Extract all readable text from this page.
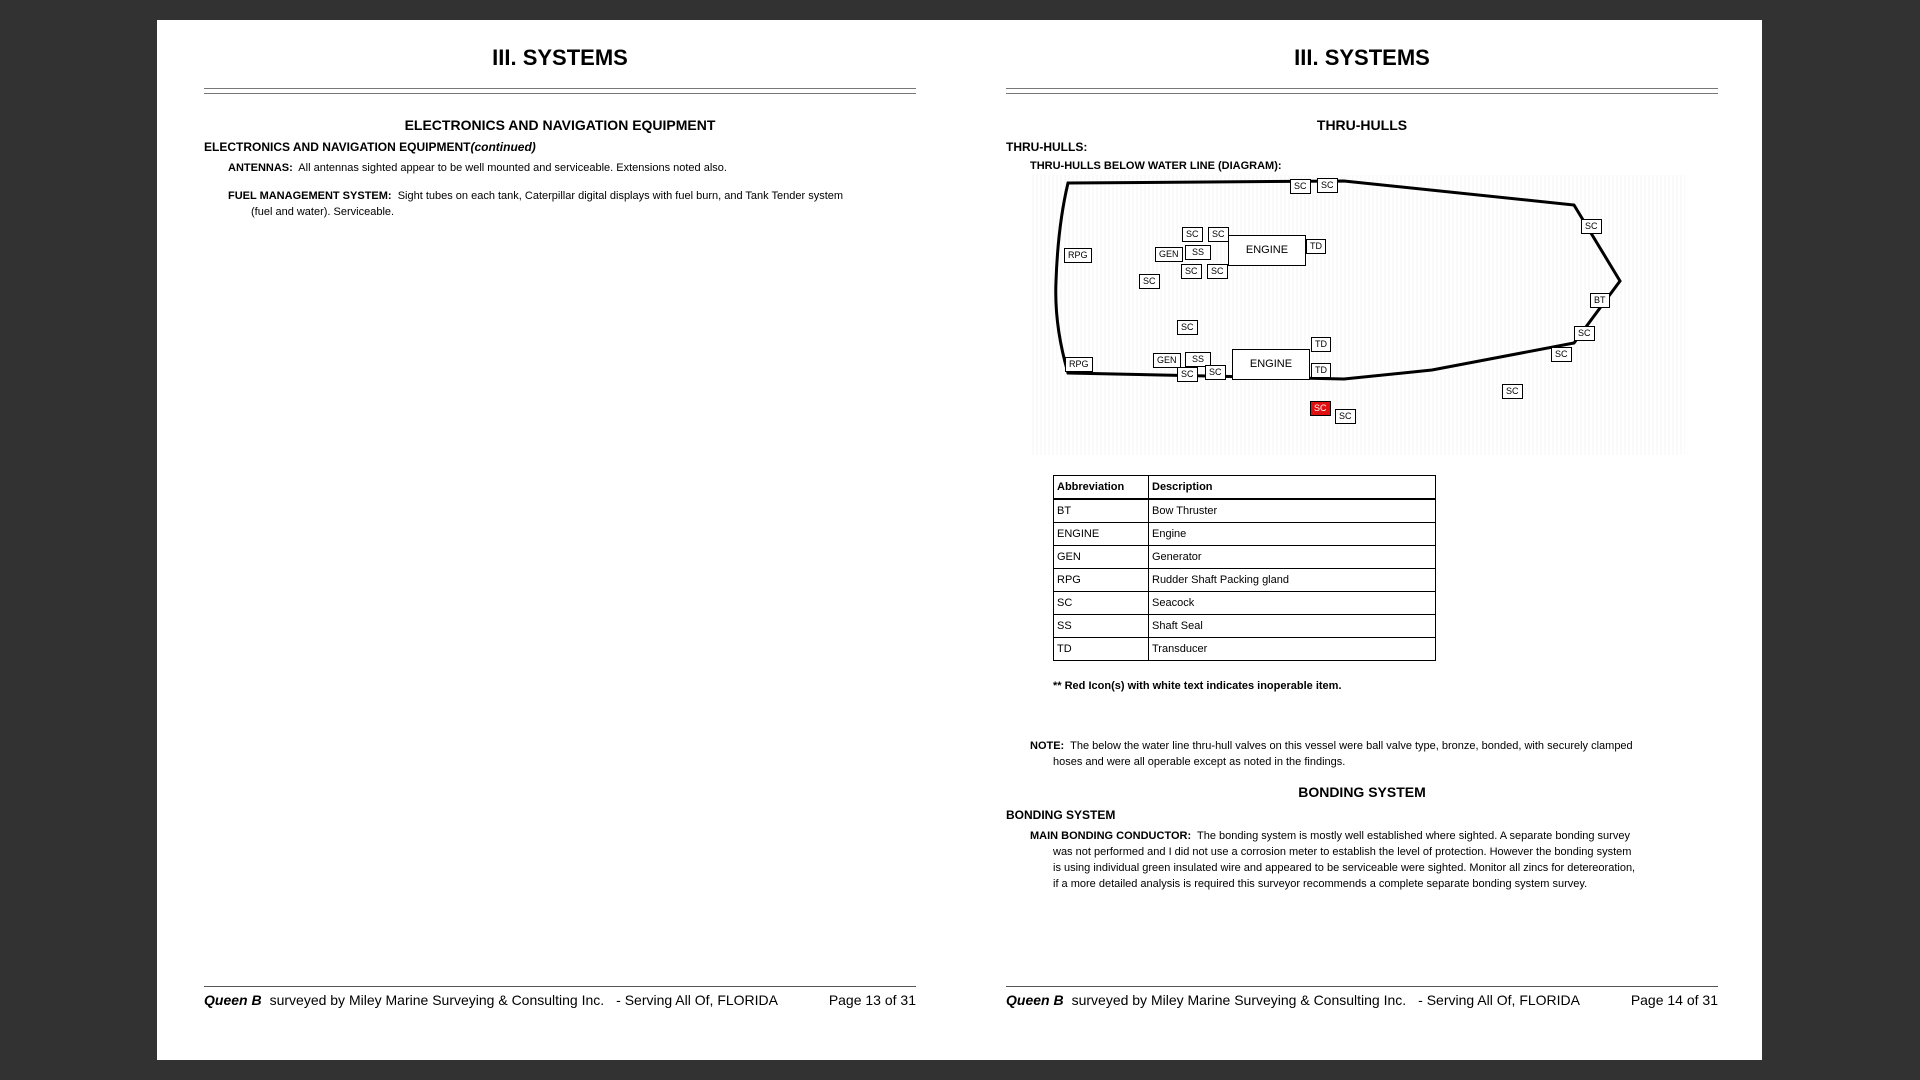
III. SYSTEMS
ELECTRONICS AND NAVIGATION EQUIPMENT
ELECTRONICS AND NAVIGATION EQUIPMENT(continued)
ANTENNAS: All antennas sighted appear to be well mounted and serviceable. Extensions noted also.
FUEL MANAGEMENT SYSTEM: Sight tubes on each tank, Caterpillar digital displays with fuel burn, and Tank Tender system
(fuel and water). Serviceable.
Queen B surveyed by Miley Marine Surveying & Consulting Inc. - Serving All Of, FLORIDA	Page 13 of 31
III. SYSTEMS
THRU-HULLS
THRU-HULLS:
THRU-HULLS BELOW WATER LINE (DIAGRAM):
SC	SC
SC
BT
SC	SC
GEN	SS	ENGINE	TD
SC	SC
RPG
SC
SC
GEN	SS	ENGINE
TD
TD
SC	SC
RPG
SC
SC
SC
SC
SC
Abbreviation	Description
BT	Bow Thruster
ENGINE	Engine
GEN	Generator
RPG	Rudder Shaft Packing gland
SC	Seacock
SS	Shaft Seal
TD	Transducer
** Red Icon(s) with white text indicates inoperable item.
NOTE: The below the water line thru-hull valves on this vessel were ball valve type, bronze, bonded, with securely clamped
hoses and were all operable except as noted in the findings.
BONDING SYSTEM
BONDING SYSTEM
MAIN BONDING CONDUCTOR: The bonding system is mostly well established where sighted. A separate bonding survey
was not performed and I did not use a corrosion meter to establish the level of protection. However the bonding system
is using individual green insulated wire and appeared to be serviceable were sighted. Monitor all zincs for detereoration,
if a more detailed analysis is required this surveyor recommends a complete separate bonding system survey.
Queen B surveyed by Miley Marine Surveying & Consulting Inc. - Serving All Of, FLORIDA	Page 14 of 31
